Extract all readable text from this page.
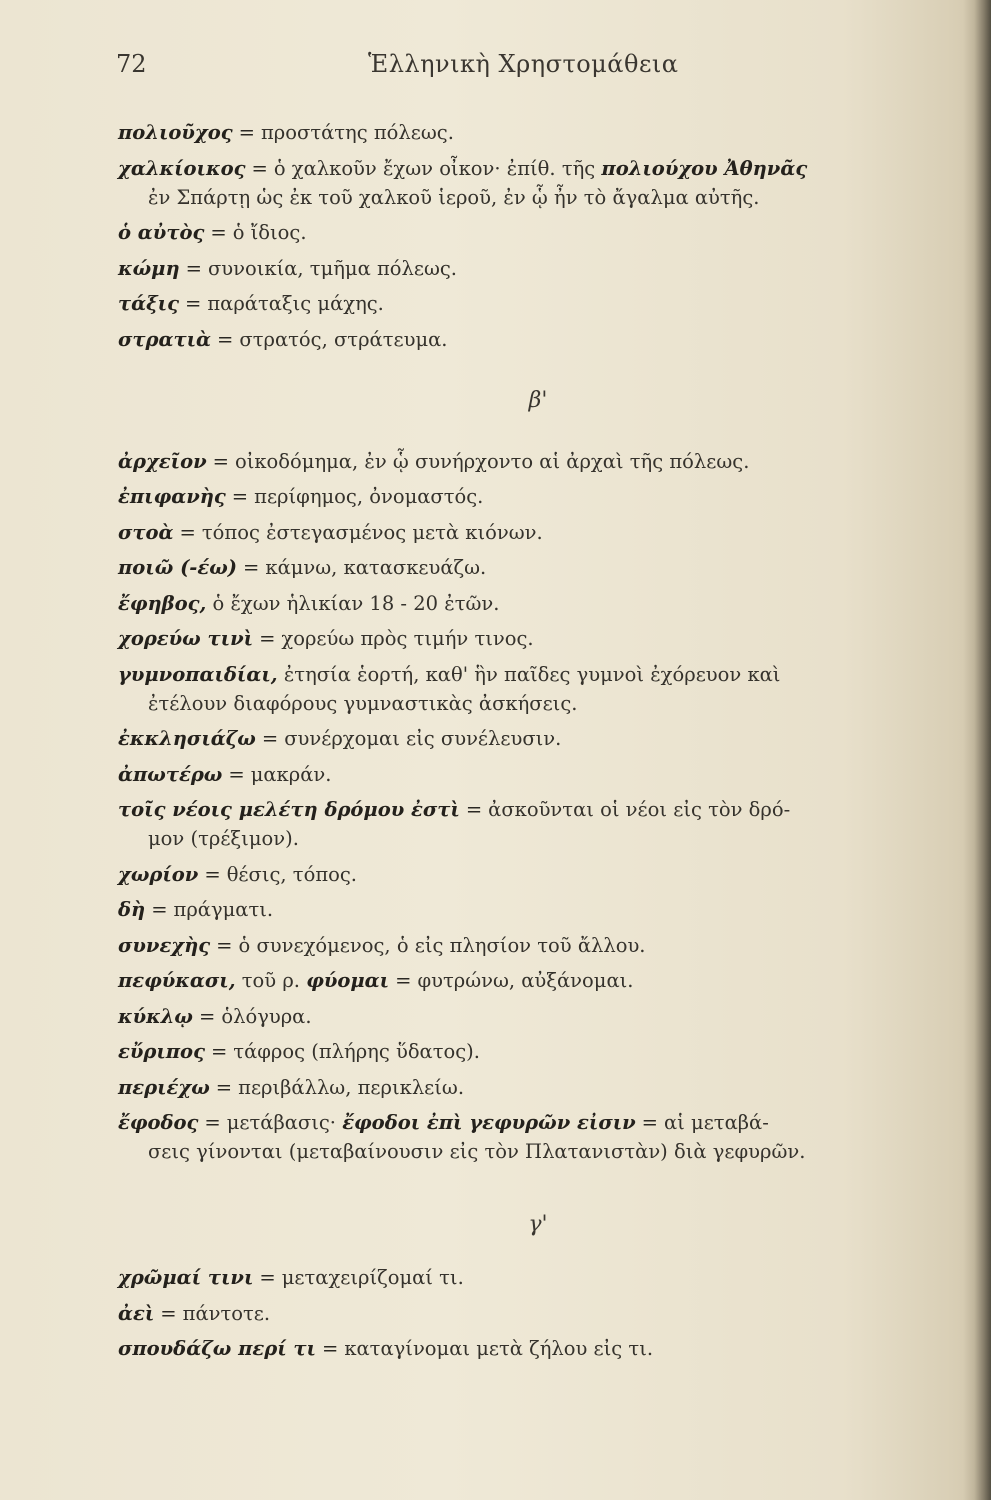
72	Ἑλληνικὴ Χρηστομάθεια
πολιοῦχος = προστάτης πόλεως.
χαλκίοικος = ὁ χαλκοῦν ἔχων οἶκον· ἐπίθ. τῆς πολιούχου Ἀθηνᾶς
ἐν Σπάρτῃ ὡς ἐκ τοῦ χαλκοῦ ἱεροῦ, ἐν ᾧ ἦν τὸ ἄγαλμα αὐτῆς.
ὁ αὐτὸς = ὁ ἴδιος.
κώμη = συνοικία, τμῆμα πόλεως.
τάξις = παράταξις μάχης.
στρατιὰ = στρατός, στράτευμα.
β'
ἀρχεῖον = οἰκοδόμημα, ἐν ᾧ συνήρχοντο αἱ ἀρχαὶ τῆς πόλεως.
ἐπιφανὴς = περίφημος, ὀνομαστός.
στοὰ = τόπος ἐστεγασμένος μετὰ κιόνων.
ποιῶ (-έω) = κάμνω, κατασκευάζω.
ἔφηβος, ὁ ἔχων ἡλικίαν 18 - 20 ἐτῶν.
χορεύω τινὶ = χορεύω πρὸς τιμήν τινος.
γυμνοπαιδίαι, ἐτησία ἑορτή, καθ' ἣν παῖδες γυμνοὶ ἐχόρευον καὶ
ἐτέλουν διαφόρους γυμναστικὰς ἀσκήσεις.
ἐκκλησιάζω = συνέρχομαι εἰς συνέλευσιν.
ἀπωτέρω = μακράν.
τοῖς νέοις μελέτη δρόμου ἐστὶ = ἀσκοῦνται οἱ νέοι εἰς τὸν δρό-
μον (τρέξιμον).
χωρίον = θέσις, τόπος.
δὴ = πράγματι.
συνεχὴς = ὁ συνεχόμενος, ὁ εἰς πλησίον τοῦ ἄλλου.
πεφύκασι, τοῦ ρ. φύομαι = φυτρώνω, αὐξάνομαι.
κύκλῳ = ὁλόγυρα.
εὔριπος = τάφρος (πλήρης ὕδατος).
περιέχω = περιβάλλω, περικλείω.
ἔφοδος = μετάβασις· ἔφοδοι ἐπὶ γεφυρῶν εἰσιν = αἱ μεταβά-
σεις γίνονται (μεταβαίνουσιν εἰς τὸν Πλατανιστὰν) διὰ γεφυρῶν.
γ'
χρῶμαί τινι = μεταχειρίζομαί τι.
ἀεὶ = πάντοτε.
σπουδάζω περί τι = καταγίνομαι μετὰ ζήλου εἰς τι.
